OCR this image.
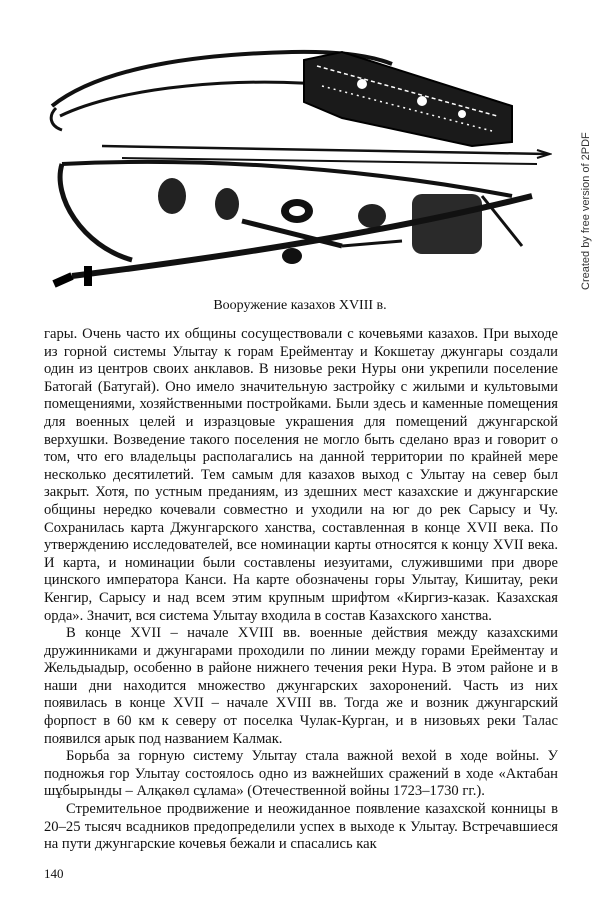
Вооружение казахов XVIII в.
Created by free version of 2PDF

гары. Очень часто их общины сосуществовали с кочевьями казахов. При выходе из горной системы Улытау к горам Ерейментау и Кокшетау джунгары создали один из центров своих анклавов. В низовье реки Нуры они укрепили поселение Батогай (Батугай). Оно имело значительную застройку с жилыми и культовыми помещениями, хозяйственными постройками. Были здесь и каменные помещения для военных целей и изразцовые украшения для помещений джунгарской верхушки. Возведение такого поселения не могло быть сделано враз и говорит о том, что его владельцы располагались на данной территории по крайней мере несколько десятилетий. Тем самым для казахов выход с Улытау на север был закрыт. Хотя, по устным преданиям, из здешних мест казахские и джунгарские общины нередко кочевали совместно и уходили на юг до рек Сарысу и Чу. Сохранилась карта Джунгарского ханства, составленная в конце XVII века. По утверждению исследователей, все номинации карты относятся к концу XVII века. И карта, и номинации были составлены иезуитами, служившими при дворе цинского императора Канси. На карте обозначены горы Улытау, Кишитау, реки Кенгир, Сарысу и над всем этим крупным шрифтом «Киргиз-казак. Казахская орда». Значит, вся система Улытау входила в состав Казахского ханства.

В конце XVII – начале XVIII вв. военные действия между казахскими дружинниками и джунгарами проходили по линии между горами Ерейментау и Жельдыадыр, особенно в районе нижнего течения реки Нура. В этом районе и в наши дни находится множество джунгарских захоронений. Часть из них появилась в конце XVII – начале XVIII вв. Тогда же и возник джунгарский форпост в 60 км к северу от поселка Чулак-Курган, и в низовьях реки Талас появился арык под названием Калмак.

Борьба за горную систему Улытау стала важной вехой в ходе войны. У подножья гор Улытау состоялось одно из важнейших сражений в ходе «Актабан шұбырынды – Алқакөл сұлама» (Отечественной войны 1723–1730 гг.).

Стремительное продвижение и неожиданное появление казахской конницы в 20–25 тысяч всадников предопределили успех в выходе к Улытау. Встречавшиеся на пути джунгарские кочевья бежали и спасались как

140
